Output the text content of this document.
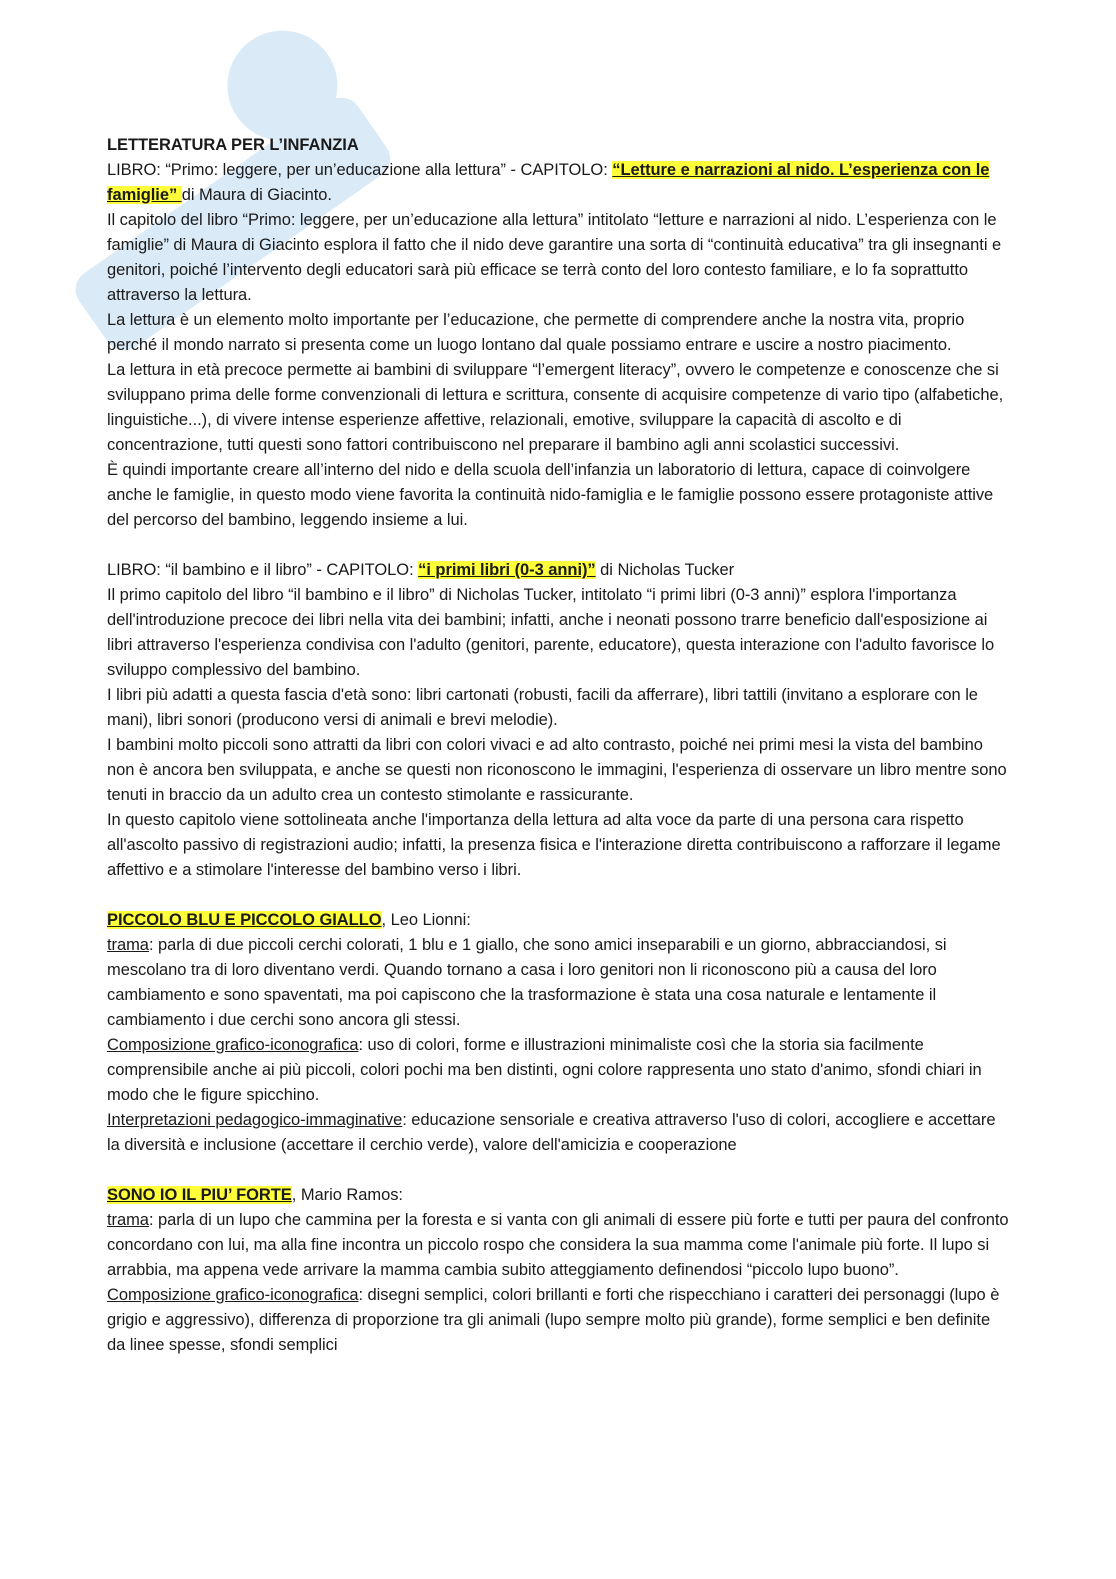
LETTERATURA PER L’INFANZIA

LIBRO: “Primo: leggere, per un’educazione alla lettura” - CAPITOLO: “Letture e narrazioni al nido. L’esperienza con le famiglie” di Maura di Giacinto.

Il capitolo del libro “Primo: leggere, per un’educazione alla lettura” intitolato “letture e narrazioni al nido. L’esperienza con le famiglie” di Maura di Giacinto esplora il fatto che il nido deve garantire una sorta di “continuità educativa” tra gli insegnanti e genitori, poiché l’intervento degli educatori sarà più efficace se terrà conto del loro contesto familiare, e lo fa soprattutto attraverso la lettura.

La lettura è un elemento molto importante per l’educazione, che permette di comprendere anche la nostra vita, proprio perché il mondo narrato si presenta come un luogo lontano dal quale possiamo entrare e uscire a nostro piacimento.

La lettura in età precoce permette ai bambini di sviluppare “l’emergent literacy”, ovvero le competenze e conoscenze che si sviluppano prima delle forme convenzionali di lettura e scrittura, consente di acquisire competenze di vario tipo (alfabetiche, linguistiche...), di vivere intense esperienze affettive, relazionali, emotive, sviluppare la capacità di ascolto e di concentrazione, tutti questi sono fattori contribuiscono nel preparare il bambino agli anni scolastici successivi.

È quindi importante creare all’interno del nido e della scuola dell’infanzia un laboratorio di lettura, capace di coinvolgere anche le famiglie, in questo modo viene favorita la continuità nido-famiglia e le famiglie possono essere protagoniste attive del percorso del bambino, leggendo insieme a lui.

LIBRO: “il bambino e il libro” - CAPITOLO: “i primi libri (0-3 anni)” di Nicholas Tucker

Il primo capitolo del libro “il bambino e il libro” di Nicholas Tucker, intitolato “i primi libri (0-3 anni)” esplora l'importanza dell'introduzione precoce dei libri nella vita dei bambini; infatti, anche i neonati possono trarre beneficio dall'esposizione ai libri attraverso l'esperienza condivisa con l'adulto (genitori, parente, educatore), questa interazione con l'adulto favorisce lo sviluppo complessivo del bambino.

I libri più adatti a questa fascia d'età sono: libri cartonati (robusti, facili da afferrare), libri tattili (invitano a esplorare con le mani), libri sonori (producono versi di animali e brevi melodie).

I bambini molto piccoli sono attratti da libri con colori vivaci e ad alto contrasto, poiché nei primi mesi la vista del bambino non è ancora ben sviluppata, e anche se questi non riconoscono le immagini, l'esperienza di osservare un libro mentre sono tenuti in braccio da un adulto crea un contesto stimolante e rassicurante.

In questo capitolo viene sottolineata anche l'importanza della lettura ad alta voce da parte di una persona cara rispetto all'ascolto passivo di registrazioni audio; infatti, la presenza fisica e l'interazione diretta contribuiscono a rafforzare il legame affettivo e a stimolare l'interesse del bambino verso i libri.

PICCOLO BLU E PICCOLO GIALLO, Leo Lionni:

trama: parla di due piccoli cerchi colorati, 1 blu e 1 giallo, che sono amici inseparabili e un giorno, abbracciandosi, si mescolano tra di loro diventano verdi. Quando tornano a casa i loro genitori non li riconoscono più a causa del loro cambiamento e sono spaventati, ma poi capiscono che la trasformazione è stata una cosa naturale e lentamente il cambiamento i due cerchi sono ancora gli stessi.

Composizione grafico-iconografica: uso di colori, forme e illustrazioni minimaliste così che la storia sia facilmente comprensibile anche ai più piccoli, colori pochi ma ben distinti, ogni colore rappresenta uno stato d'animo, sfondi chiari in modo che le figure spicchino.

Interpretazioni pedagogico-immaginative: educazione sensoriale e creativa attraverso l'uso di colori, accogliere e accettare la diversità e inclusione (accettare il cerchio verde), valore dell'amicizia e cooperazione

SONO IO IL PIU’ FORTE, Mario Ramos:

trama: parla di un lupo che cammina per la foresta e si vanta con gli animali di essere più forte e tutti per paura del confronto concordano con lui, ma alla fine incontra un piccolo rospo che considera la sua mamma come l'animale più forte. Il lupo si arrabbia, ma appena vede arrivare la mamma cambia subito atteggiamento definendosi “piccolo lupo buono”.

Composizione grafico-iconografica: disegni semplici, colori brillanti e forti che rispecchiano i caratteri dei personaggi (lupo è grigio e aggressivo), differenza di proporzione tra gli animali (lupo sempre molto più grande), forme semplici e ben definite da linee spesse, sfondi semplici
